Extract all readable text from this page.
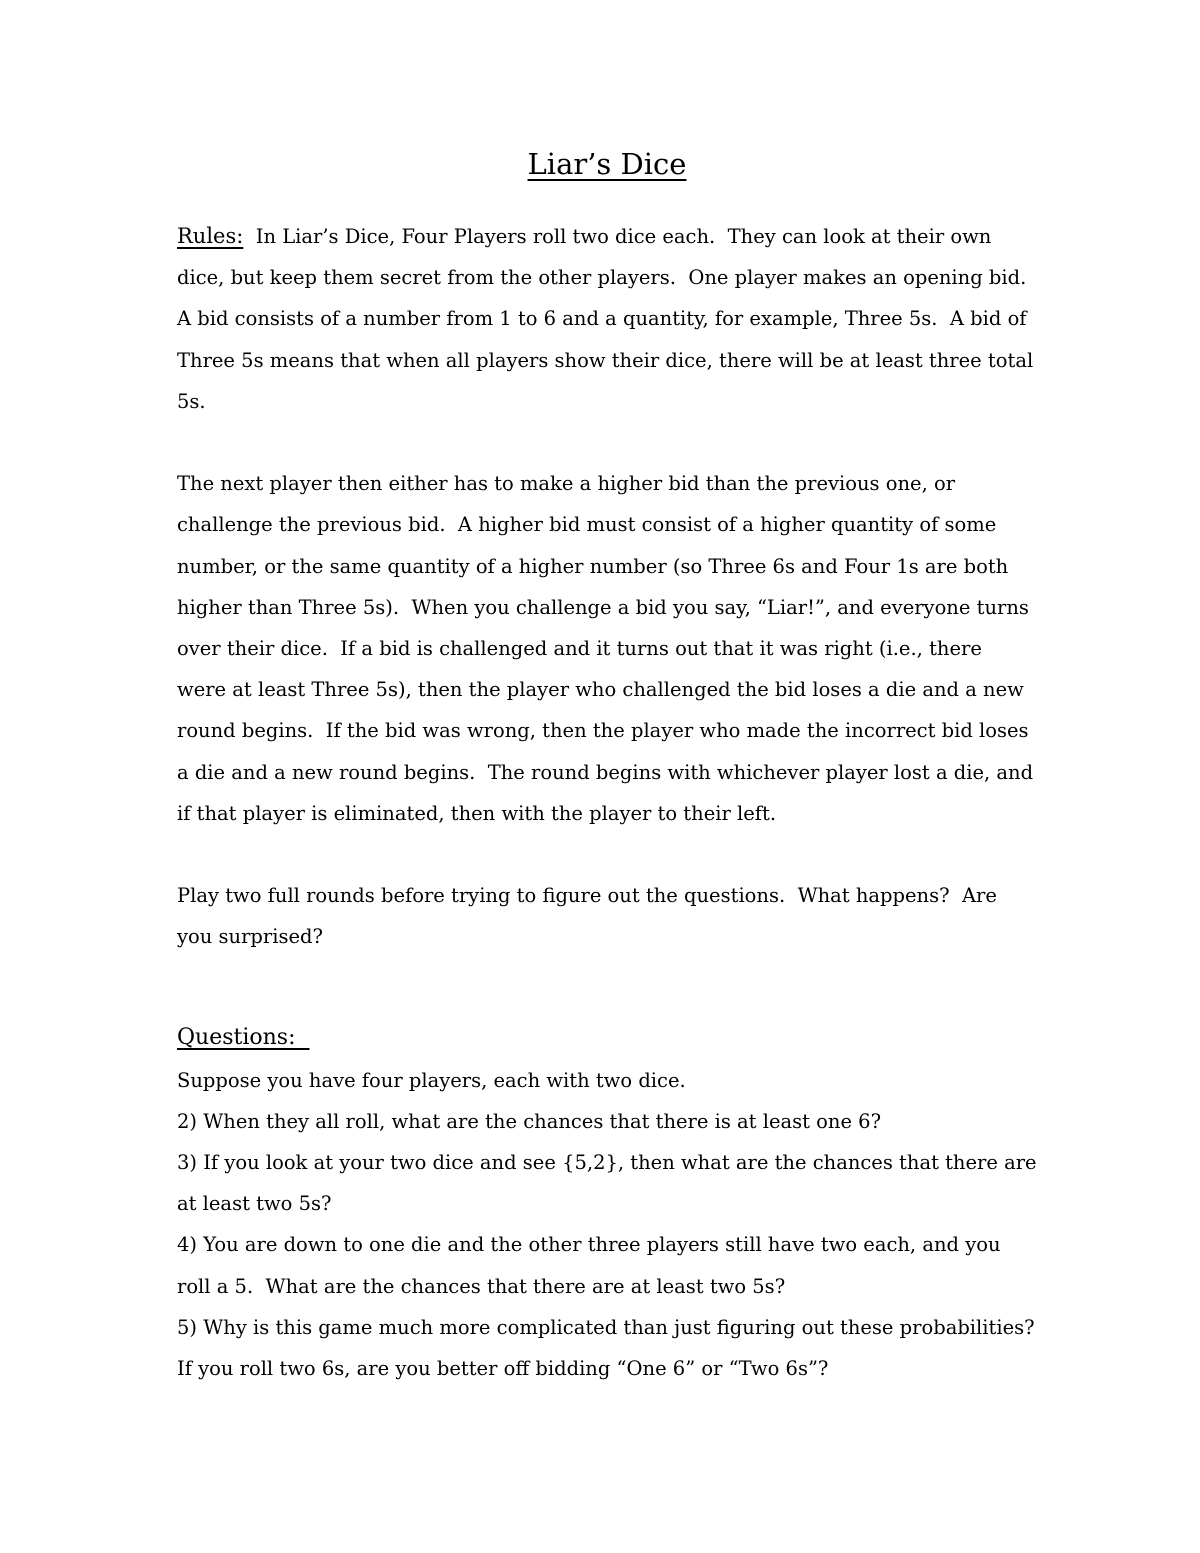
Liar’s Dice

Rules:  In Liar’s Dice, Four Players roll two dice each.  They can look at their own dice, but keep them secret from the other players.  One player makes an opening bid.  A bid consists of a number from 1 to 6 and a quantity, for example, Three 5s.  A bid of Three 5s means that when all players show their dice, there will be at least three total 5s.

The next player then either has to make a higher bid than the previous one, or challenge the previous bid.  A higher bid must consist of a higher quantity of some number, or the same quantity of a higher number (so Three 6s and Four 1s are both higher than Three 5s).  When you challenge a bid you say, “Liar!”, and everyone turns over their dice.  If a bid is challenged and it turns out that it was right (i.e., there were at least Three 5s), then the player who challenged the bid loses a die and a new round begins.  If the bid was wrong, then the player who made the incorrect bid loses a die and a new round begins.  The round begins with whichever player lost a die, and if that player is eliminated, then with the player to their left.

Play two full rounds before trying to figure out the questions.  What happens?  Are you surprised?

Questions:

Suppose you have four players, each with two dice.

2) When they all roll, what are the chances that there is at least one 6?

3) If you look at your two dice and see {5,2}, then what are the chances that there are at least two 5s?

4) You are down to one die and the other three players still have two each, and you roll a 5.  What are the chances that there are at least two 5s?

5) Why is this game much more complicated than just figuring out these probabilities?  If you roll two 6s, are you better off bidding “One 6” or “Two 6s”?
